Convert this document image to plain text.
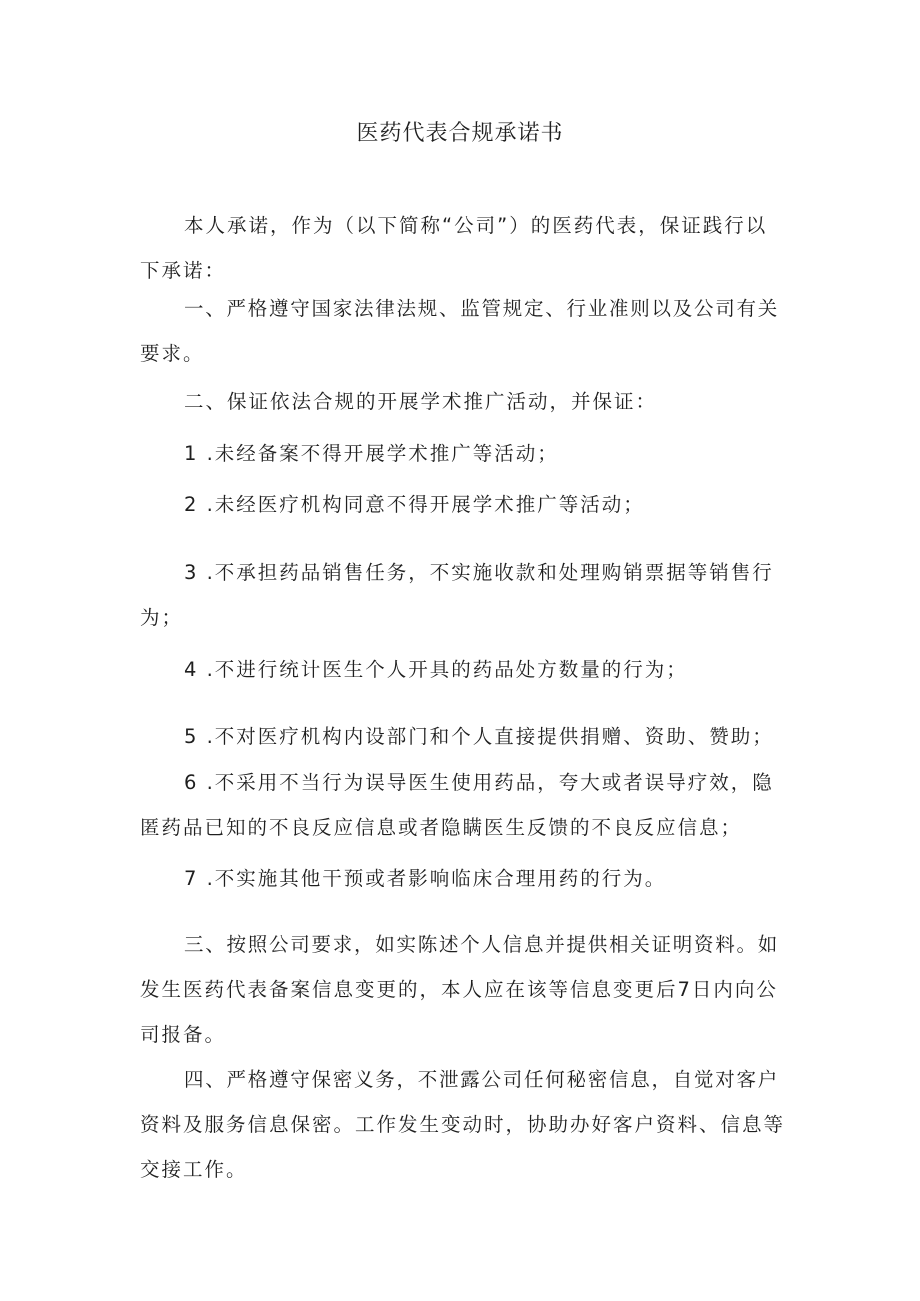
医药代表合规承诺书
本人承诺，作为（以下简称“公司”）的医药代表，保证践行以
下承诺：
一、严格遵守国家法律法规、监管规定、行业准则以及公司有关
要求。
二、保证依法合规的开展学术推广活动，并保证：
1 .未经备案不得开展学术推广等活动；
2 .未经医疗机构同意不得开展学术推广等活动；
3 .不承担药品销售任务，不实施收款和处理购销票据等销售行
为；
4 .不进行统计医生个人开具的药品处方数量的行为；
5 .不对医疗机构内设部门和个人直接提供捐赠、资助、赞助；
6 .不采用不当行为误导医生使用药品，夸大或者误导疗效，隐
匿药品已知的不良反应信息或者隐瞒医生反馈的不良反应信息；
7 .不实施其他干预或者影响临床合理用药的行为。
三、按照公司要求，如实陈述个人信息并提供相关证明资料。如
发生医药代表备案信息变更的，本人应在该等信息变更后7日内向公
司报备。
四、严格遵守保密义务，不泄露公司任何秘密信息，自觉对客户
资料及服务信息保密。工作发生变动时，协助办好客户资料、信息等
交接工作。
